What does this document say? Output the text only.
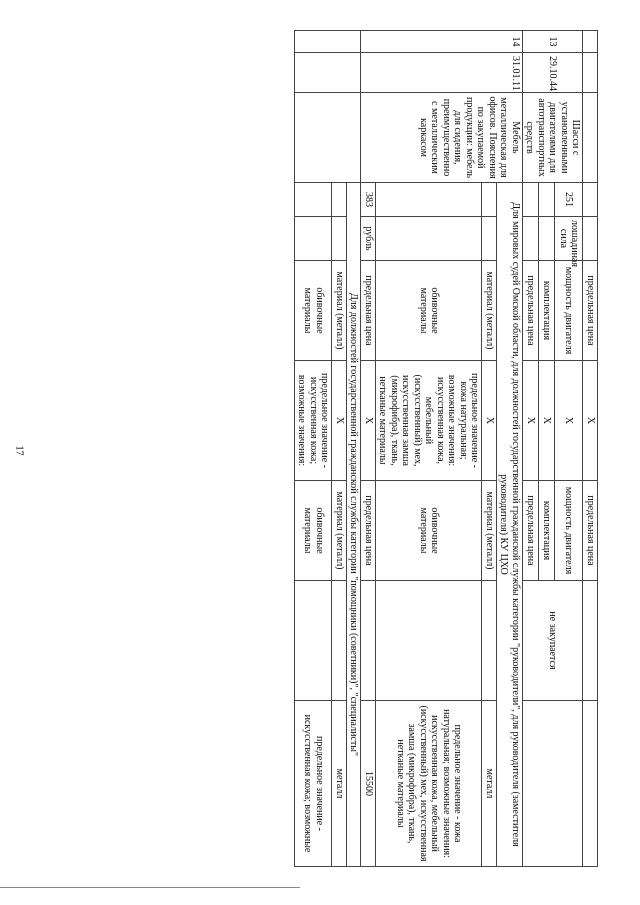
17
					предельная цена	X	предельная цена		
13	29.10.44	Шасси с установленными двигателями для автотранспортных средств	251	лошадиная сила	мощность двигателя	X	мощность двигателя	не закупается	
					комплектация	X	комплектация		
					предельная цена	X	предельная цена		
14	31.01.11	Мебель металлическая для офисов. Пояснения по закупаемой продукции: мебель для сидения, преимущественно с металлическим каркасом	Для мировых судей Омской области, для должностей государственной гражданской службы категории "руководители", для руководителя (заместителя руководителя) КУ ЦХО						
					материал (металл)	X	материал (металл)		металл
					обивочные материалы	предельное значение - кожа натуральная; возможные значения: искусственная кожа, мебельный (искусственный) мех, искусственная замша (микрофибра), ткань, нетканые материалы	обивочные материалы		предельное значение - кожа натуральная; возможные значения: искусственная кожа, мебельный (искусственный) мех, искусственная замша (микрофибра), ткань, нетканые материалы
			383	рубль	предельная цена	X	предельная цена		15500
			Для должностей государственной гражданской службы категории "помощники (советники)", "специалисты"						
					материал (металл)	X	материал (металл)		металл
					обивочные материалы	предельное значение - искусственная кожа; возможные значения:	обивочные материалы		предельное значение - искусственная кожа; возможные
